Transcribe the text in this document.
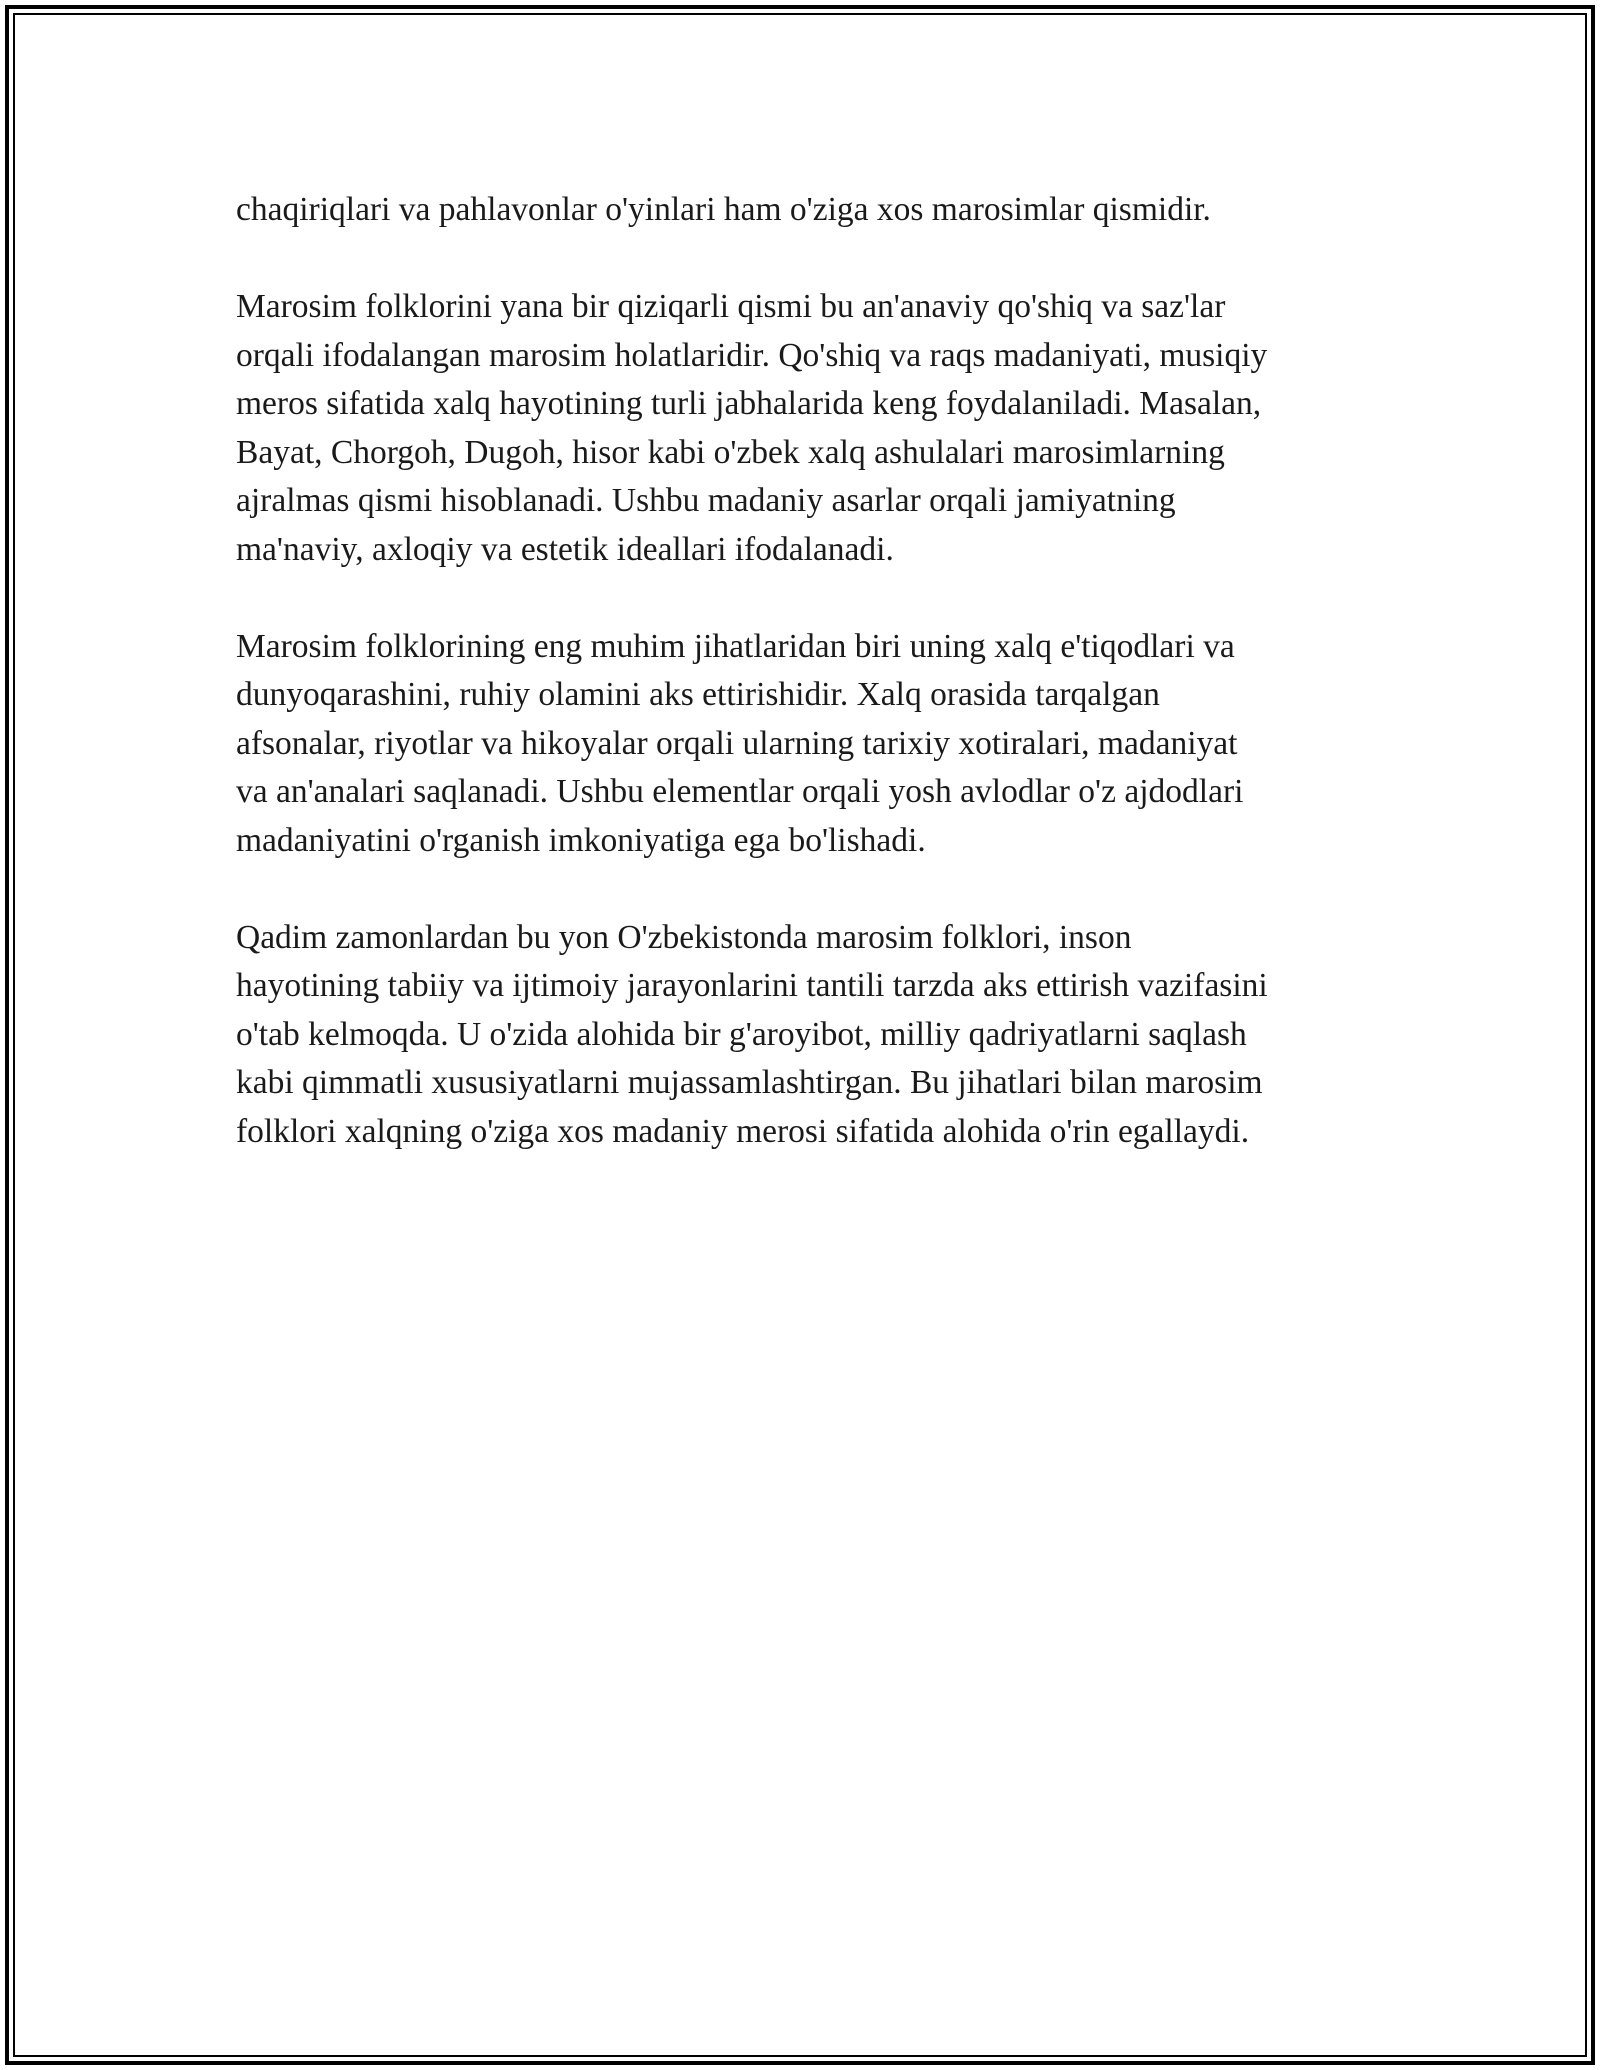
chaqiriqlari va pahlavonlar o'yinlari ham o'ziga xos marosimlar qismidir.

Marosim folklorini yana bir qiziqarli qismi bu an'anaviy qo'shiq va saz'lar
orqali ifodalangan marosim holatlaridir. Qo'shiq va raqs madaniyati, musiqiy
meros sifatida xalq hayotining turli jabhalarida keng foydalaniladi. Masalan,
Bayat, Chorgoh, Dugoh, hisor kabi o'zbek xalq ashulalari marosimlarning
ajralmas qismi hisoblanadi. Ushbu madaniy asarlar orqali jamiyatning
ma'naviy, axloqiy va estetik ideallari ifodalanadi.

Marosim folklorining eng muhim jihatlaridan biri uning xalq e'tiqodlari va
dunyoqarashini, ruhiy olamini aks ettirishidir. Xalq orasida tarqalgan
afsonalar, riyotlar va hikoyalar orqali ularning tarixiy xotiralari, madaniyat
va an'analari saqlanadi. Ushbu elementlar orqali yosh avlodlar o'z ajdodlari
madaniyatini o'rganish imkoniyatiga ega bo'lishadi.

Qadim zamonlardan bu yon O'zbekistonda marosim folklori, inson
hayotining tabiiy va ijtimoiy jarayonlarini tantili tarzda aks ettirish vazifasini
o'tab kelmoqda. U o'zida alohida bir g'aroyibot, milliy qadriyatlarni saqlash
kabi qimmatli xususiyatlarni mujassamlashtirgan. Bu jihatlari bilan marosim
folklori xalqning o'ziga xos madaniy merosi sifatida alohida o'rin egallaydi.
